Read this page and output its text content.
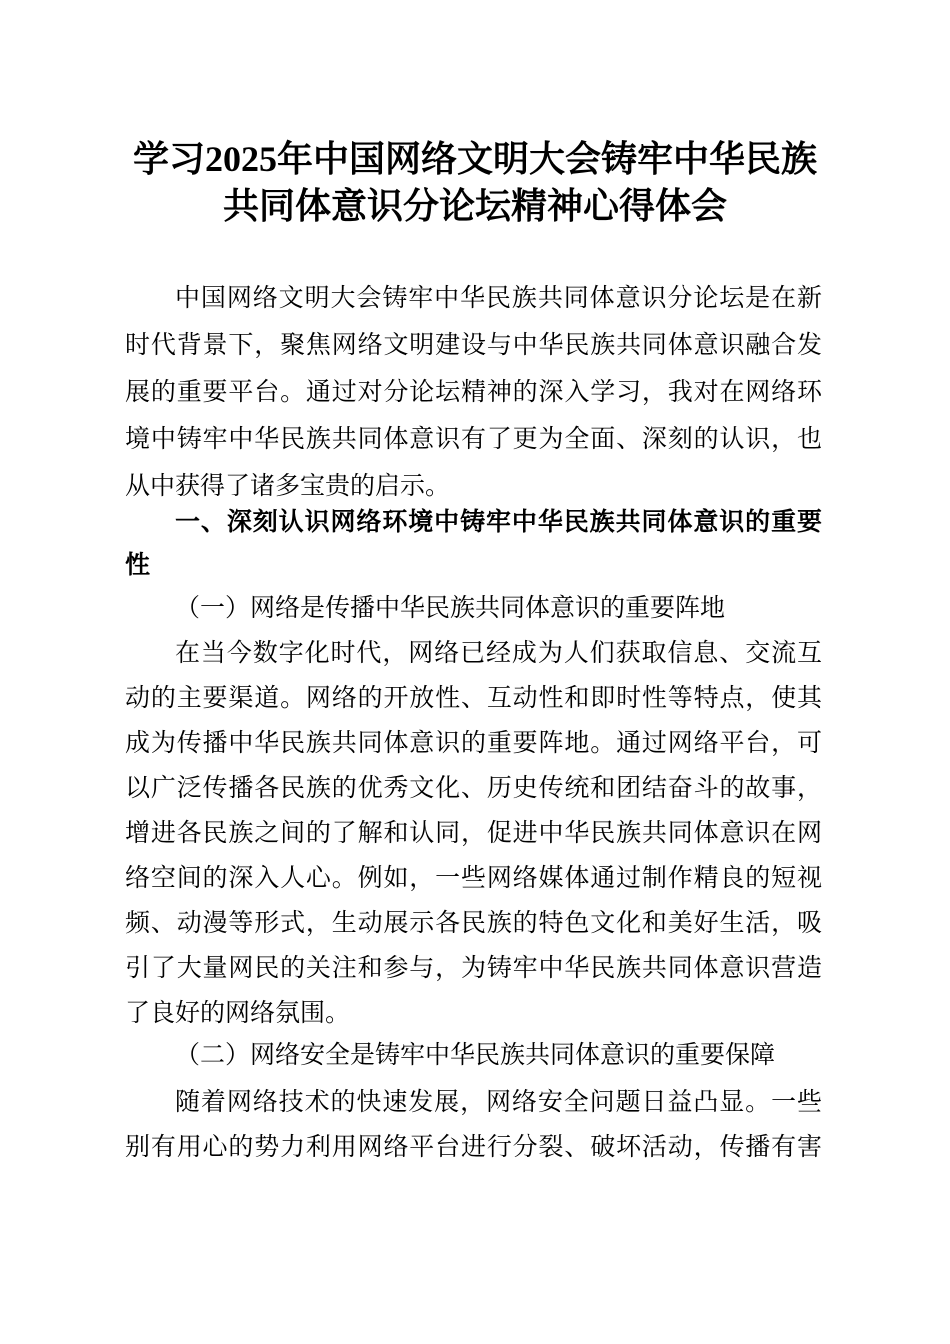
学习2025年中国网络文明大会铸牢中华民族
共同体意识分论坛精神心得体会
中国网络文明大会铸牢中华民族共同体意识分论坛是在新
时代背景下，聚焦网络文明建设与中华民族共同体意识融合发
展的重要平台。通过对分论坛精神的深入学习，我对在网络环
境中铸牢中华民族共同体意识有了更为全面、深刻的认识，也
从中获得了诸多宝贵的启示。
一、深刻认识网络环境中铸牢中华民族共同体意识的重要
性
（一）网络是传播中华民族共同体意识的重要阵地
在当今数字化时代，网络已经成为人们获取信息、交流互
动的主要渠道。网络的开放性、互动性和即时性等特点，使其
成为传播中华民族共同体意识的重要阵地。通过网络平台，可
以广泛传播各民族的优秀文化、历史传统和团结奋斗的故事，
增进各民族之间的了解和认同，促进中华民族共同体意识在网
络空间的深入人心。例如，一些网络媒体通过制作精良的短视
频、动漫等形式，生动展示各民族的特色文化和美好生活，吸
引了大量网民的关注和参与，为铸牢中华民族共同体意识营造
了良好的网络氛围。
（二）网络安全是铸牢中华民族共同体意识的重要保障
随着网络技术的快速发展，网络安全问题日益凸显。一些
别有用心的势力利用网络平台进行分裂、破坏活动，传播有害
